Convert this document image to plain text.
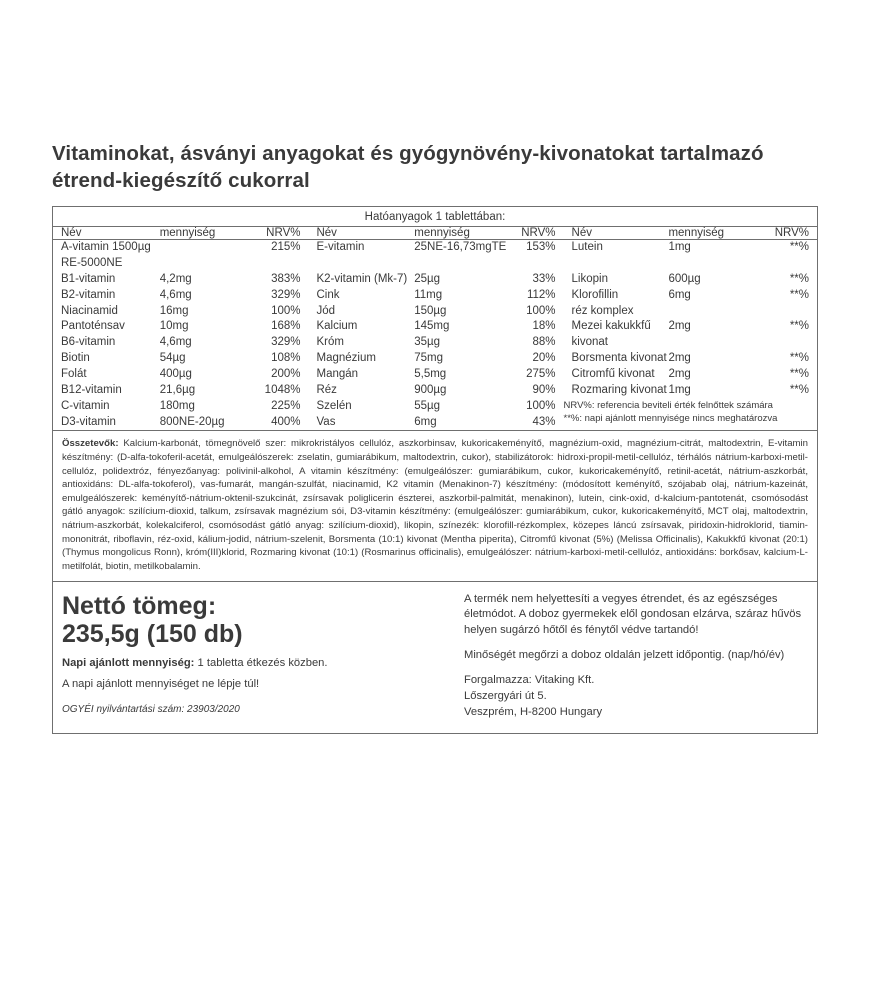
Vitaminokat, ásványi anyagokat és gyógynövény-kivonatokat tartalmazó étrend-kiegészítő cukorral
Hatóanyagok 1 tablettában:
Név	mennyiség	NRV%	Név	mennyiség	NRV%	Név	mennyiség	NRV%
A-vitamin 1500µg RE-5000NE		215%	E-vitamin	25NE-16,73mgTE	153%	Lutein	1mg	**%
B1-vitamin	4,2mg	383%	K2-vitamin (Mk-7)	25µg	33%	Likopin	600µg	**%
B2-vitamin	4,6mg	329%	Cink	11mg	112%	Klorofillin	6mg	**%
Niacinamid	16mg	100%	Jód	150µg	100%	réz komplex		
Pantoténsav	10mg	168%	Kalcium	145mg	18%	Mezei kakukkfű	2mg	**%
B6-vitamin	4,6mg	329%	Króm	35µg	88%	kivonat		
Biotin	54µg	108%	Magnézium	75mg	20%	Borsmenta kivonat	2mg	**%
Folát	400µg	200%	Mangán	5,5mg	275%	Citromfű kivonat	2mg	**%
B12-vitamin	21,6µg	1048%	Réz	900µg	90%	Rozmaring kivonat	1mg	**%
C-vitamin	180mg	225%	Szelén	55µg	100%	NRV%: referencia beviteli érték felnőttek számára
**%: napi ajánlott mennyisége nincs meghatározva		

D3-vitamin	800NE-20µg	400%	Vas	6mg	43%			
Összetevők: Kalcium-karbonát, tömegnövelő szer: mikrokristályos cellulóz, aszkorbinsav, kukoricakeményítő, magnézium-oxid, magnézium-citrát, maltodextrin, E-vitamin készítmény: (D-alfa-tokoferil-acetát, emulgeálószerek: zselatin, gumiarábikum, maltodextrin, cukor), stabilizátorok: hidroxi-propil-metil-cellulóz, térhálós nátrium-karboxi-metil-cellulóz, polidextróz, fényezőanyag: polivinil-alkohol, A vitamin készítmény: (emulgeálószer: gumiarábikum, cukor, kukoricakeményítő, retinil-acetát, nátrium-aszkorbát, antioxidáns: DL-alfa-tokoferol), vas-fumarát, mangán-szulfát, niacinamid, K2 vitamin (Menakinon-7) készítmény: (módosított keményítő, szójabab olaj, nátrium-kazeinát, emulgeálószerek: keményítő-nátrium-oktenil-szukcinát, zsírsavak poliglicerin észterei, aszkorbil-palmitát, menakinon), lutein, cink-oxid, d-kalcium-pantotenát, csomósodást gátló anyagok: szilícium-dioxid, talkum, zsírsavak magnézium sói, D3-vitamin készítmény: (emulgeálószer: gumiarábikum, cukor, kukoricakeményítő, MCT olaj, maltodextrin, nátrium-aszkorbát, kolekalciferol, csomósodást gátló anyag: szilícium-dioxid), likopin, színezék: klorofill-rézkomplex, közepes láncú zsírsavak, piridoxin-hidroklorid, tiamin-mononitrát, riboflavin, réz-oxid, kálium-jodid, nátrium-szelenit, Borsmenta (10:1) kivonat (Mentha piperita), Citromfű kivonat (5%) (Melissa Officinalis), Kakukkfű kivonat (20:1) (Thymus mongolicus Ronn), króm(III)klorid, Rozmaring kivonat (10:1) (Rosmarinus officinalis), emulgeálószer: nátrium-karboxi-metil-cellulóz, antioxidáns: borkősav, kalcium-L-metilfolát, biotin, metilkobalamin.
Nettó tömeg:
235,5g (150 db)
Napi ajánlott mennyiség: 1 tabletta étkezés közben.
A napi ajánlott mennyiséget ne lépje túl!
OGYÉI nyilvántartási szám: 23903/2020
A termék nem helyettesíti a vegyes étrendet, és az egészséges életmódot. A doboz gyermekek elől gondosan elzárva, száraz hűvös helyen sugárzó hőtől és fénytől védve tartandó!
Minőségét megőrzi a doboz oldalán jelzett időpontig. (nap/hó/év)
Forgalmazza: Vitaking Kft.
Lőszergyári út 5.
Veszprém, H-8200 Hungary
